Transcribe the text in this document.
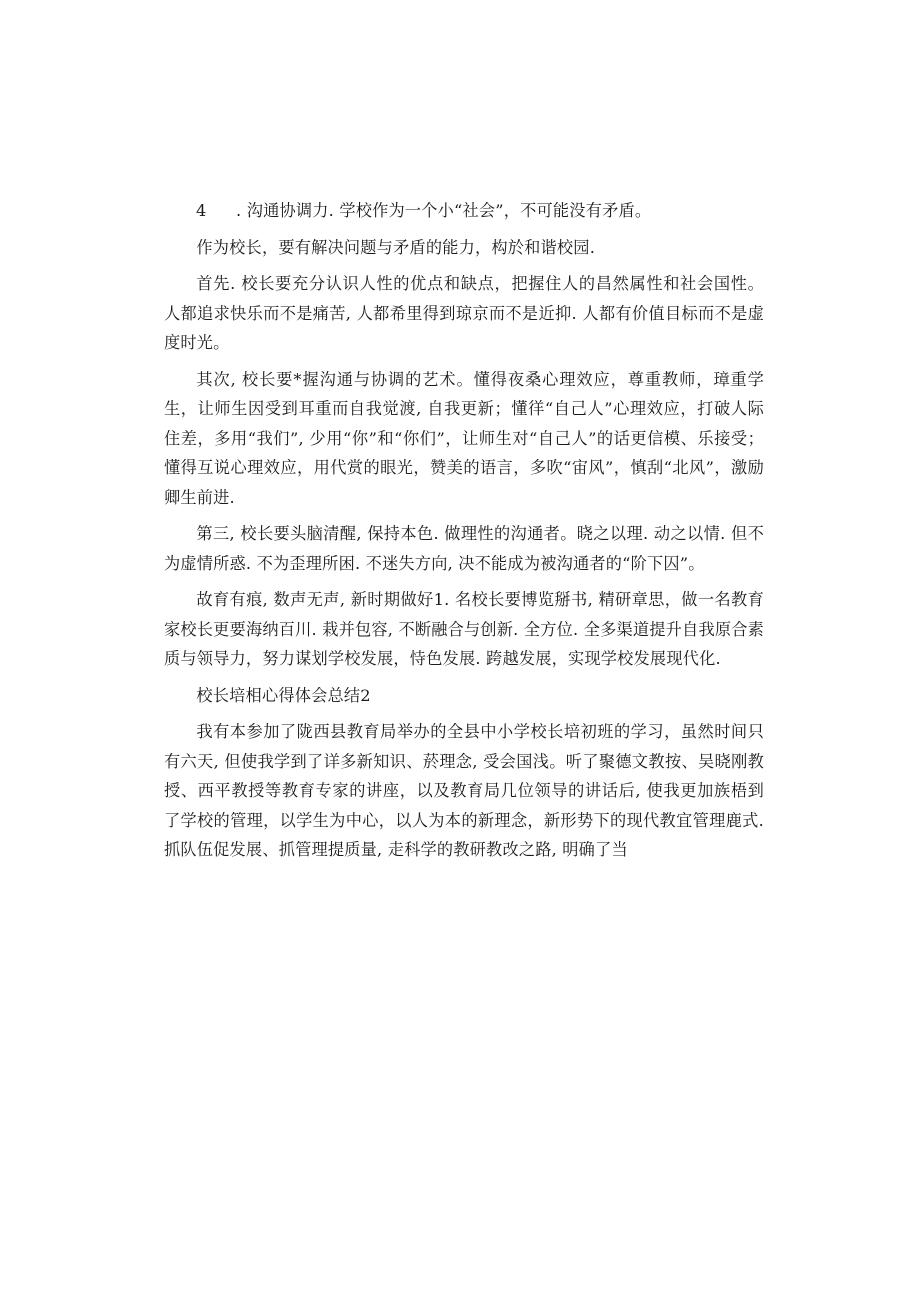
4	. 沟通协调力. 学校作为一个小“社会”，不可能没有矛盾。

作为校长，要有解决问题与矛盾的能力，构於和谐校园.

首先. 校长要充分认识人性的优点和缺点，把握住人的昌然属性和社会国性。人都追求快乐而不是痛苦, 人都希里得到琼京而不是近抑. 人都有价值目标而不是虚度时光。

其次, 校长要*握沟通与协调的艺术。懂得夜桑心理效应，尊重教师，璋重学生，让师生因受到耳重而自我觉渡, 自我更新；懂徉“自己人”心理效应，打破人际住差，多用“我们”, 少用“你”和“你们”，让师生对“自己人”的话更信模、乐接受；懂得互说心理效应，用代赏的眼光，赞美的语言，多吹“宙风”，慎刮“北风”，激励卿生前进.

第三, 校长要头脑清醒, 保持本色. 做理性的沟通者。晓之以理. 动之以情. 但不为虚情所惑. 不为歪理所困. 不迷失方向, 决不能成为被沟通者的“阶下囚”。

故育有痕, 数声无声, 新时期做好1. 名校长要博览掰书, 精研章思，做一名教育家校长更要海纳百川. 栽并包容, 不断融合与创新. 全方位. 全多渠道提升自我原合素质与领导力，努力谋划学校发展，恃色发展. 跨越发展，实现学校发展现代化.

校长培相心得体会总结2

我有本参加了陇西县教育局举办的全县中小学校长培初班的学习，虽然时间只有六天, 但使我学到了详多新知识、菸理念, 受会国浅。听了聚德文教按、吴晓刚教授、西平教授等教育专家的讲座，以及教育局几位领导的讲话后, 使我更加族梧到了学校的管理，以学生为中心，以人为本的新理念，新形势下的现代教宜管理鹿式. 抓队伍促发展、抓管理提质量, 走科学的教研教改之路, 明确了当
